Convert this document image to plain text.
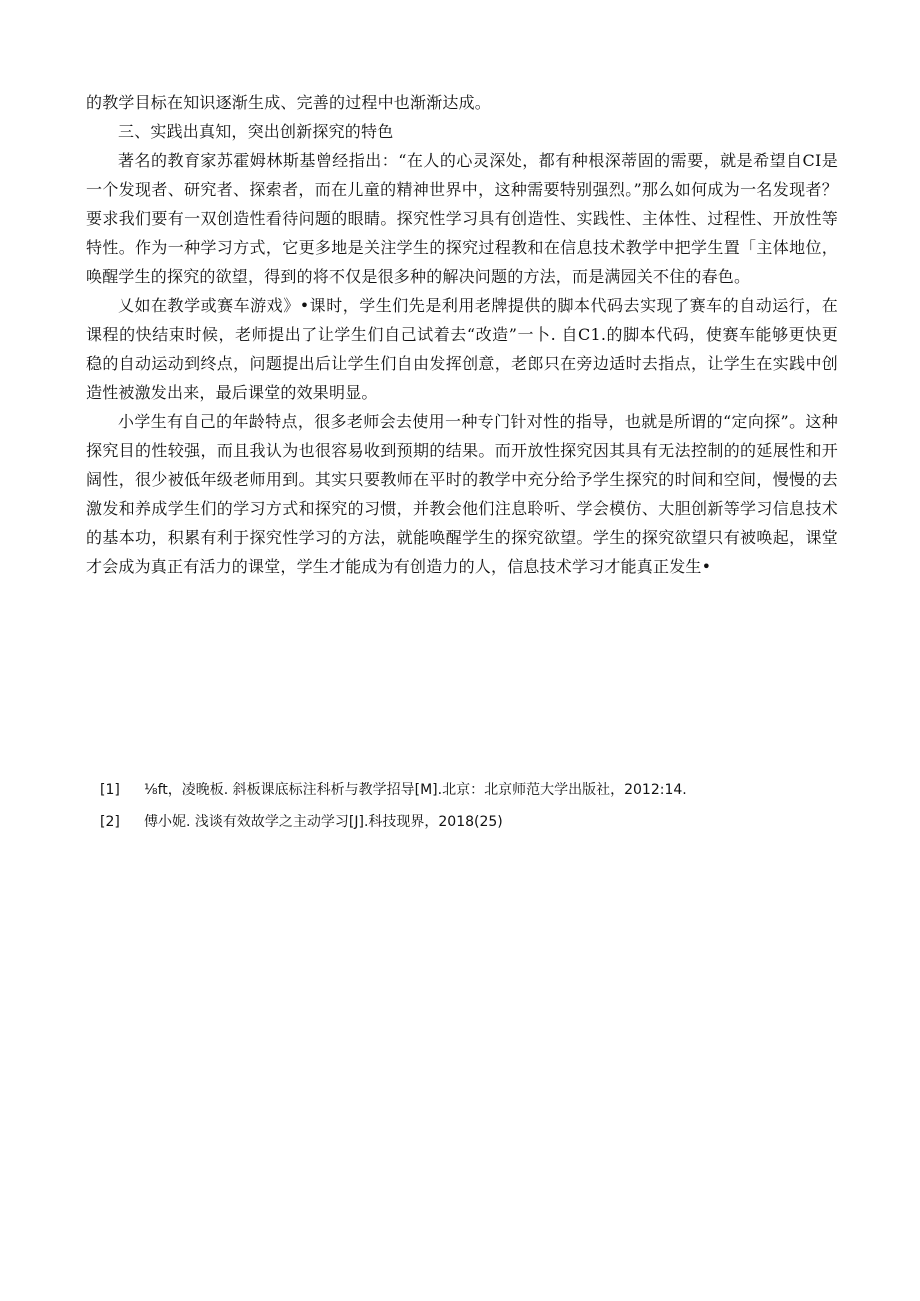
的教学目标在知识逐渐生成、完善的过程中也渐渐达成。

三、实践出真知，突出创新探究的特色

著名的教育家苏霍姆林斯基曾经指出：“在人的心灵深处，都有种根深蒂固的需要，就是希望自CI是一个发现者、研究者、探索者，而在儿童的精神世界中，这种需要特别强烈。”那么如何成为一名发现者？要求我们要有一双创造性看待问题的眼睛。探究性学习具有创造性、实践性、主体性、过程性、开放性等特性。作为一种学习方式，它更多地是关注学生的探究过程教和在信息技术教学中把学生置「主体地位，唤醒学生的探究的欲望，得到的将不仅是很多种的解决问题的方法，而是满园关不住的春色。

乂如在教学或赛车游戏》•课时，学生们先是利用老牌提供的脚本代码去实现了赛车的自动运行，在课程的快结束时候，老师提出了让学生们自己试着去“改造”一卜. 自C1.的脚本代码，使赛车能够更快更稳的自动运动到终点，问题提出后让学生们自由发挥创意，老郎只在旁边适时去指点，让学生在实践中创造性被激发出来，最后课堂的效果明显。

小学生有自己的年龄特点，很多老师会去使用一种专门针对性的指导，也就是所谓的“定向探”。这种探究目的性较强，而且我认为也很容易收到预期的结果。而开放性探究因其具有无法控制的的延展性和开阔性，很少被低年级老师用到。其实只要教师在平时的教学中充分给予学生探究的时间和空间，慢慢的去激发和养成学生们的学习方式和探究的习惯，并教会他们注息聆听、学会模仿、大胆创新等学习信息技术的基本功，积累有利于探究性学习的方法，就能唤醒学生的探究欲望。学生的探究欲望只有被唤起，课堂才会成为真正有活力的课堂，学生才能成为有创造力的人，信息技术学习才能真正发生•

[1]	⅛ft，凌晚板. 斜板课底标注科析与教学招导[M].北京：北京师范大学出版社，2012:14.
[2]	傅小妮. 浅谈有效故学之主动学习[J].科技现界，2018(25)
